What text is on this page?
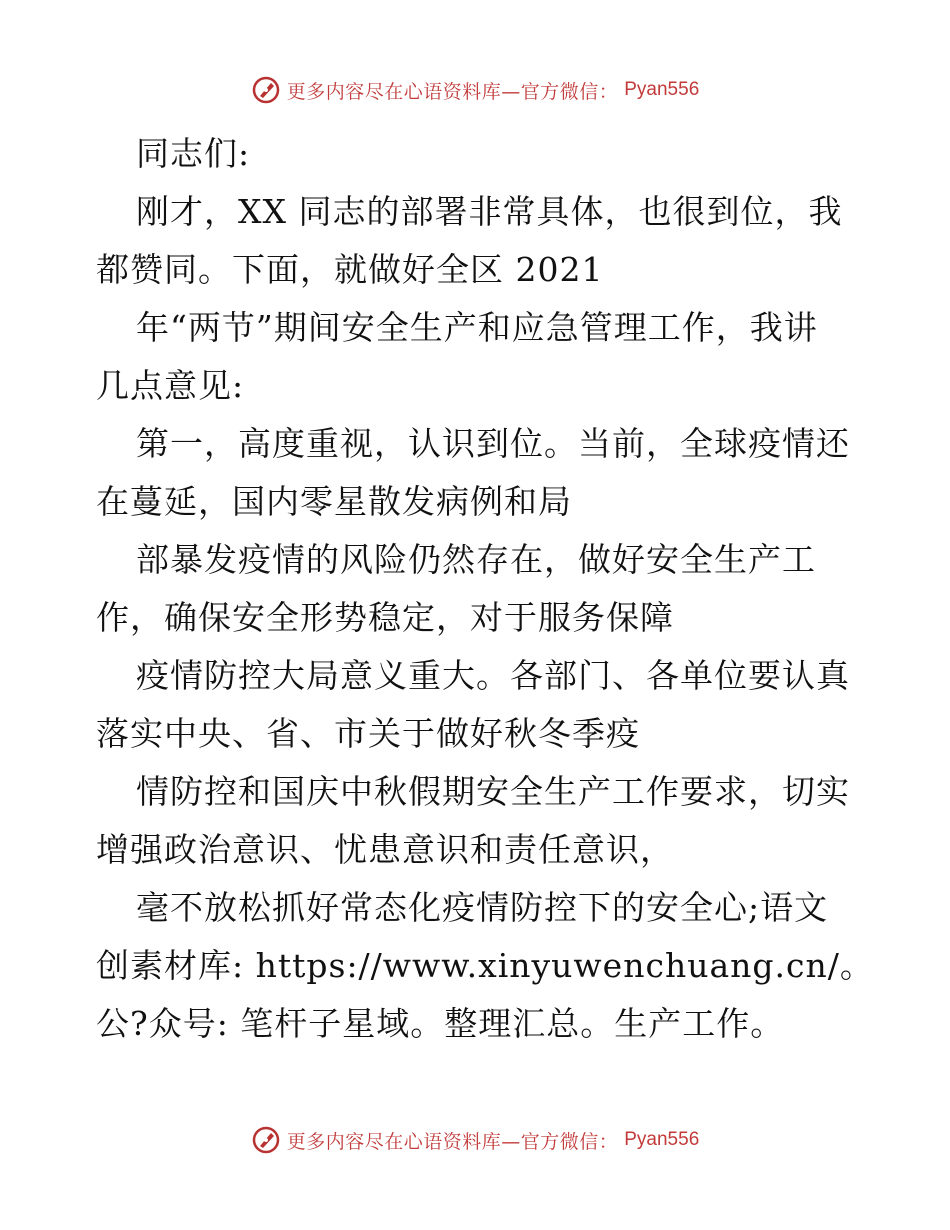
更多内容尽在心语资料库—官方微信： Pyan556
同志们:
刚才，XX 同志的部署非常具体，也很到位，我
都赞同。下面，就做好全区 2021
年“两节”期间安全生产和应急管理工作，我讲
几点意见:
第一，高度重视，认识到位。当前，全球疫情还
在蔓延，国内零星散发病例和局
部暴发疫情的风险仍然存在，做好安全生产工
作，确保安全形势稳定，对于服务保障
疫情防控大局意义重大。各部门、各单位要认真
落实中央、省、市关于做好秋冬季疫
情防控和国庆中秋假期安全生产工作要求，切实
增强政治意识、忧患意识和责任意识，
毫不放松抓好常态化疫情防控下的安全心;语文
创素材库: https://www.xinyuwenchuang.cn/。
公?众号: 笔杆子星域。整理汇总。生产工作。
更多内容尽在心语资料库—官方微信： Pyan556
